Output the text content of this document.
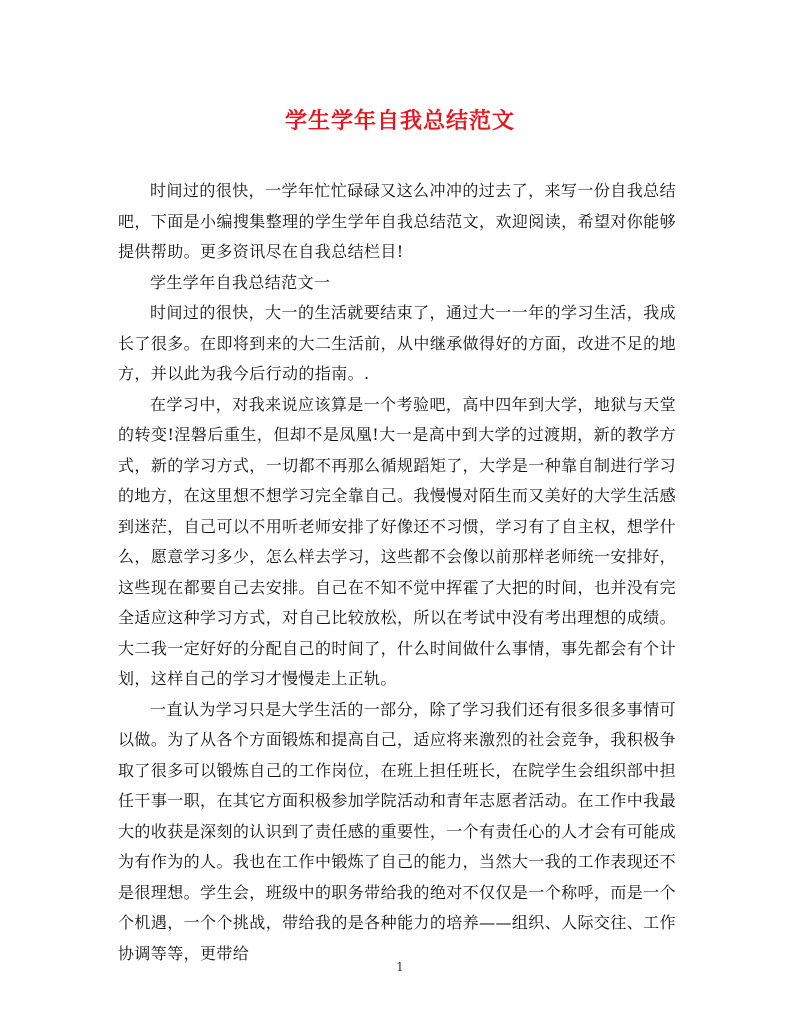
学生学年自我总结范文

时间过的很快，一学年忙忙碌碌又这么冲冲的过去了，来写一份自我总结吧，下面是小编搜集整理的学生学年自我总结范文，欢迎阅读，希望对你能够提供帮助。更多资讯尽在自我总结栏目!

学生学年自我总结范文一

时间过的很快，大一的生活就要结束了，通过大一一年的学习生活，我成长了很多。在即将到来的大二生活前，从中继承做得好的方面，改进不足的地方，并以此为我今后行动的指南。.

在学习中，对我来说应该算是一个考验吧，高中四年到大学，地狱与天堂的转变!涅磐后重生，但却不是凤凰!大一是高中到大学的过渡期，新的教学方式，新的学习方式，一切都不再那么循规蹈矩了，大学是一种靠自制进行学习的地方，在这里想不想学习完全靠自己。我慢慢对陌生而又美好的大学生活感到迷茫，自己可以不用听老师安排了好像还不习惯，学习有了自主权，想学什么，愿意学习多少，怎么样去学习，这些都不会像以前那样老师统一安排好，这些现在都要自己去安排。自己在不知不觉中挥霍了大把的时间，也并没有完全适应这种学习方式，对自己比较放松，所以在考试中没有考出理想的成绩。大二我一定好好的分配自己的时间了，什么时间做什么事情，事先都会有个计划，这样自己的学习才慢慢走上正轨。

一直认为学习只是大学生活的一部分，除了学习我们还有很多很多事情可以做。为了从各个方面锻炼和提高自己，适应将来激烈的社会竞争，我积极争取了很多可以锻炼自己的工作岗位，在班上担任班长，在院学生会组织部中担任干事一职，在其它方面积极参加学院活动和青年志愿者活动。在工作中我最大的收获是深刻的认识到了责任感的重要性，一个有责任心的人才会有可能成为有作为的人。我也在工作中锻炼了自己的能力，当然大一我的工作表现还不是很理想。学生会，班级中的职务带给我的绝对不仅仅是一个称呼，而是一个个机遇，一个个挑战，带给我的是各种能力的培养——组织、人际交往、工作协调等等，更带给

1
